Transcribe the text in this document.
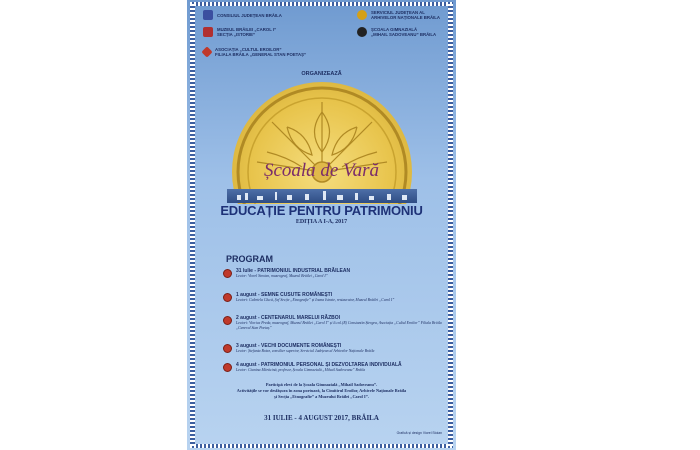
CONSILIUL JUDEȚEAN BRĂILA
MUZEUL BRĂILEI „CAROL I”
SECȚIA „ISTORIE”
ASOCIAȚIA „CULTUL EROILOR”
FILIALA BRĂILA „GENERAL STAN POETAȘ”
SERVICIUL JUDEȚEAN AL
ARHIVELOR NAȚIONALE BRĂILA
ȘCOALA GIMNAZIALĂ
„MIHAIL SADOVEANU” BRĂILA
ORGANIZEAZĂ
Școala de Vară
EDUCAȚIE PENTRU PATRIMONIU
EDIȚIA A I-A, 2017
PROGRAM
31 Iulie - PATRIMONIUL INDUSTRIAL BRĂILEAN
Lector: Viorel Stroian, muzeograf, Muzeul Brăilei „Carol I”
1 august - SEMNE CUSUTE ROMÂNEȘTI
Lectori: Gabriela Clucă, Șef Secție „Etnografie” și Ioana Istrate, restaurator, Muzeul Brăilei „Carol I”
2 august - CENTENARUL MARELUI RĂZBOI
Lectori: Viorica Preda, muzeograf, Muzeul Brăilei „Carol I” și lt.col.(R) Constantin Ștergea, Asociația „Cultul Eroilor” Filiala Brăila „General Stan Poetaș”
3 august - VECHI DOCUMENTE ROMÂNEȘTI
Lector: Ștefania Botez, consilier superior, Serviciul Județean al Arhivelor Naționale Brăila
4 august - PATRIMONIUL PERSONAL ȘI DEZVOLTAREA INDIVIDUALĂ
Lector: Gianina Mărăcină, profesor, Școala Gimnazială „Mihail Sadoveanu” Brăila
Participă elevi de la Școala Gimnazială „Mihail Sadoveanu”.
Activitățile se vor desfășura în zona portuară, la Cimitirul Eroilor, Arhivele Naționale Brăila
și Secția „Etnografie” a Muzeului Brăilei „Carol I”.
31 IULIE - 4 AUGUST 2017, BRĂILA
Grafică și design Viorel Stoian
